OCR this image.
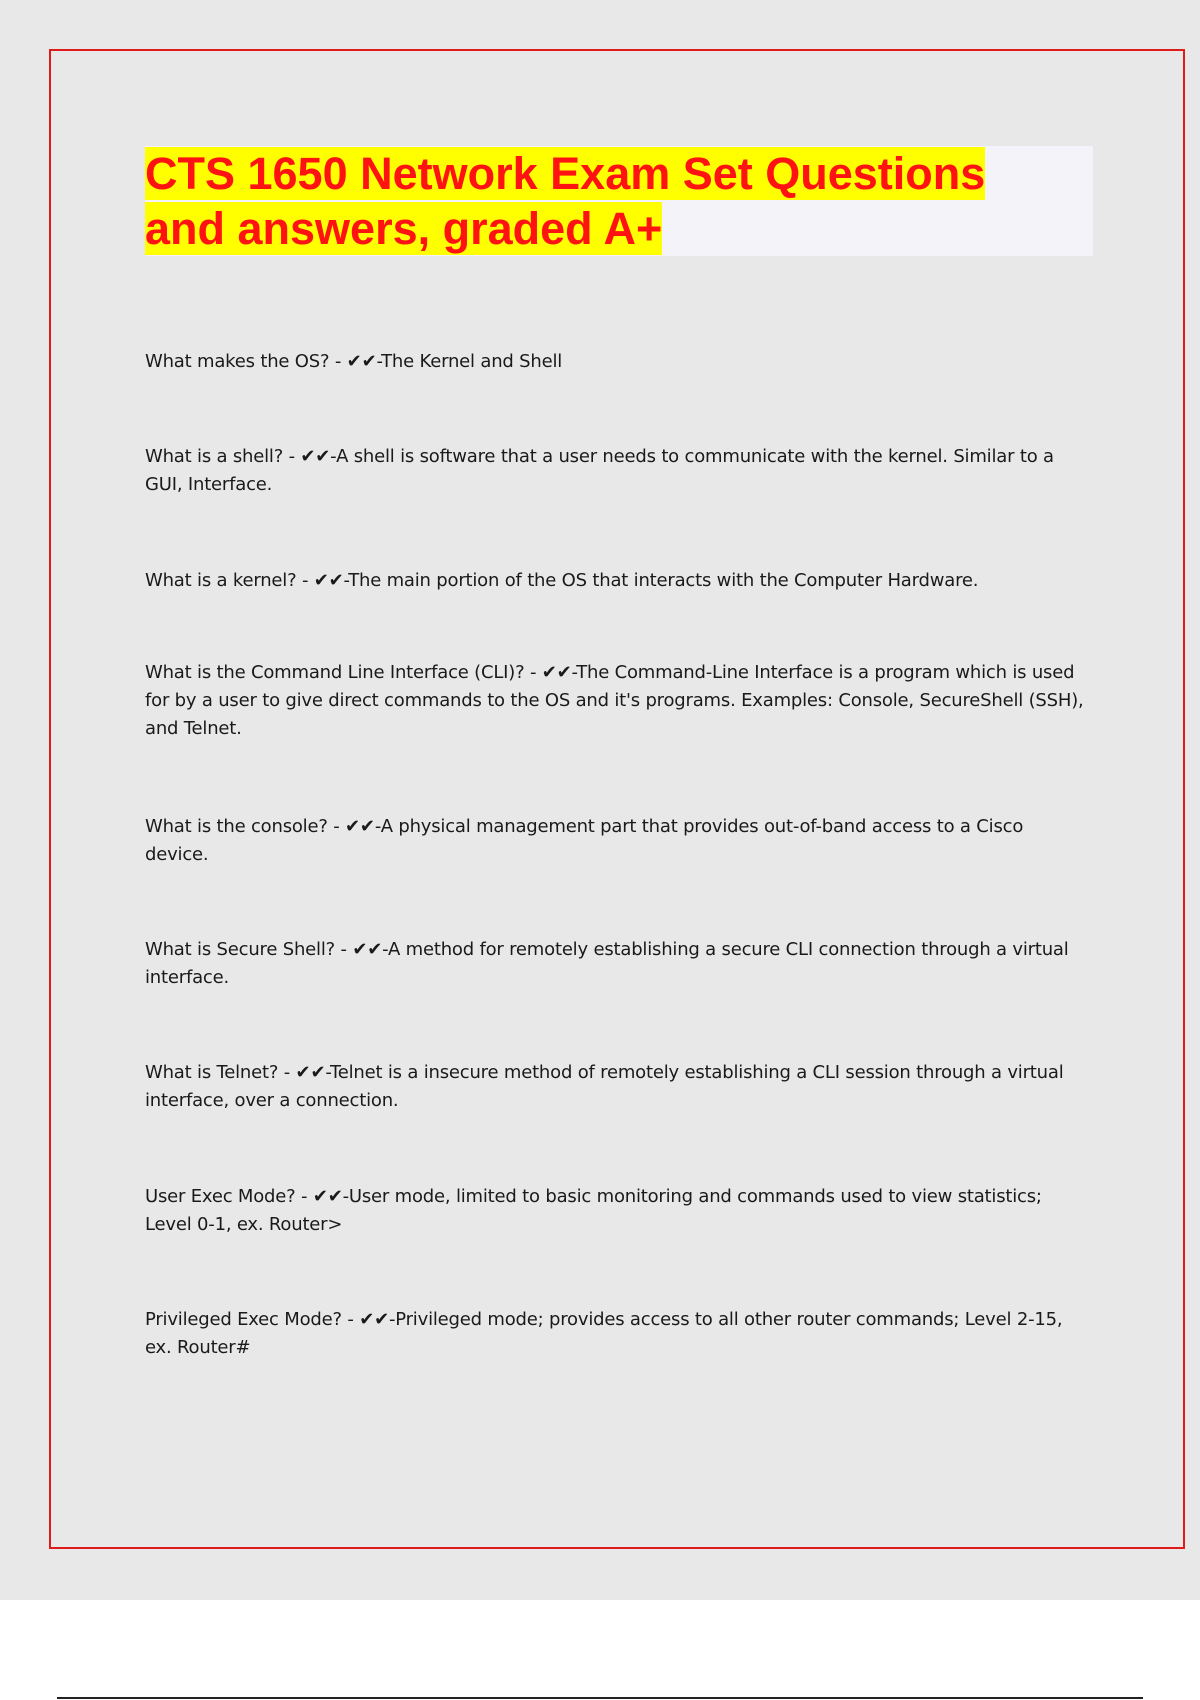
CTS 1650 Network Exam Set Questions
and answers, graded A+

What makes the OS? - ✔✔-The Kernel and Shell

What is a shell? - ✔✔-A shell is software that a user needs to communicate with the kernel. Similar to a GUI, Interface.

What is a kernel? - ✔✔-The main portion of the OS that interacts with the Computer Hardware.

What is the Command Line Interface (CLI)? - ✔✔-The Command-Line Interface is a program which is used for by a user to give direct commands to the OS and it's programs. Examples: Console, SecureShell (SSH), and Telnet.

What is the console? - ✔✔-A physical management part that provides out-of-band access to a Cisco device.

What is Secure Shell? - ✔✔-A method for remotely establishing a secure CLI connection through a virtual interface.

What is Telnet? - ✔✔-Telnet is a insecure method of remotely establishing a CLI session through a virtual interface, over a connection.

User Exec Mode? - ✔✔-User mode, limited to basic monitoring and commands used to view statistics; Level 0-1, ex. Router>

Privileged Exec Mode? - ✔✔-Privileged mode; provides access to all other router commands; Level 2-15, ex. Router#
